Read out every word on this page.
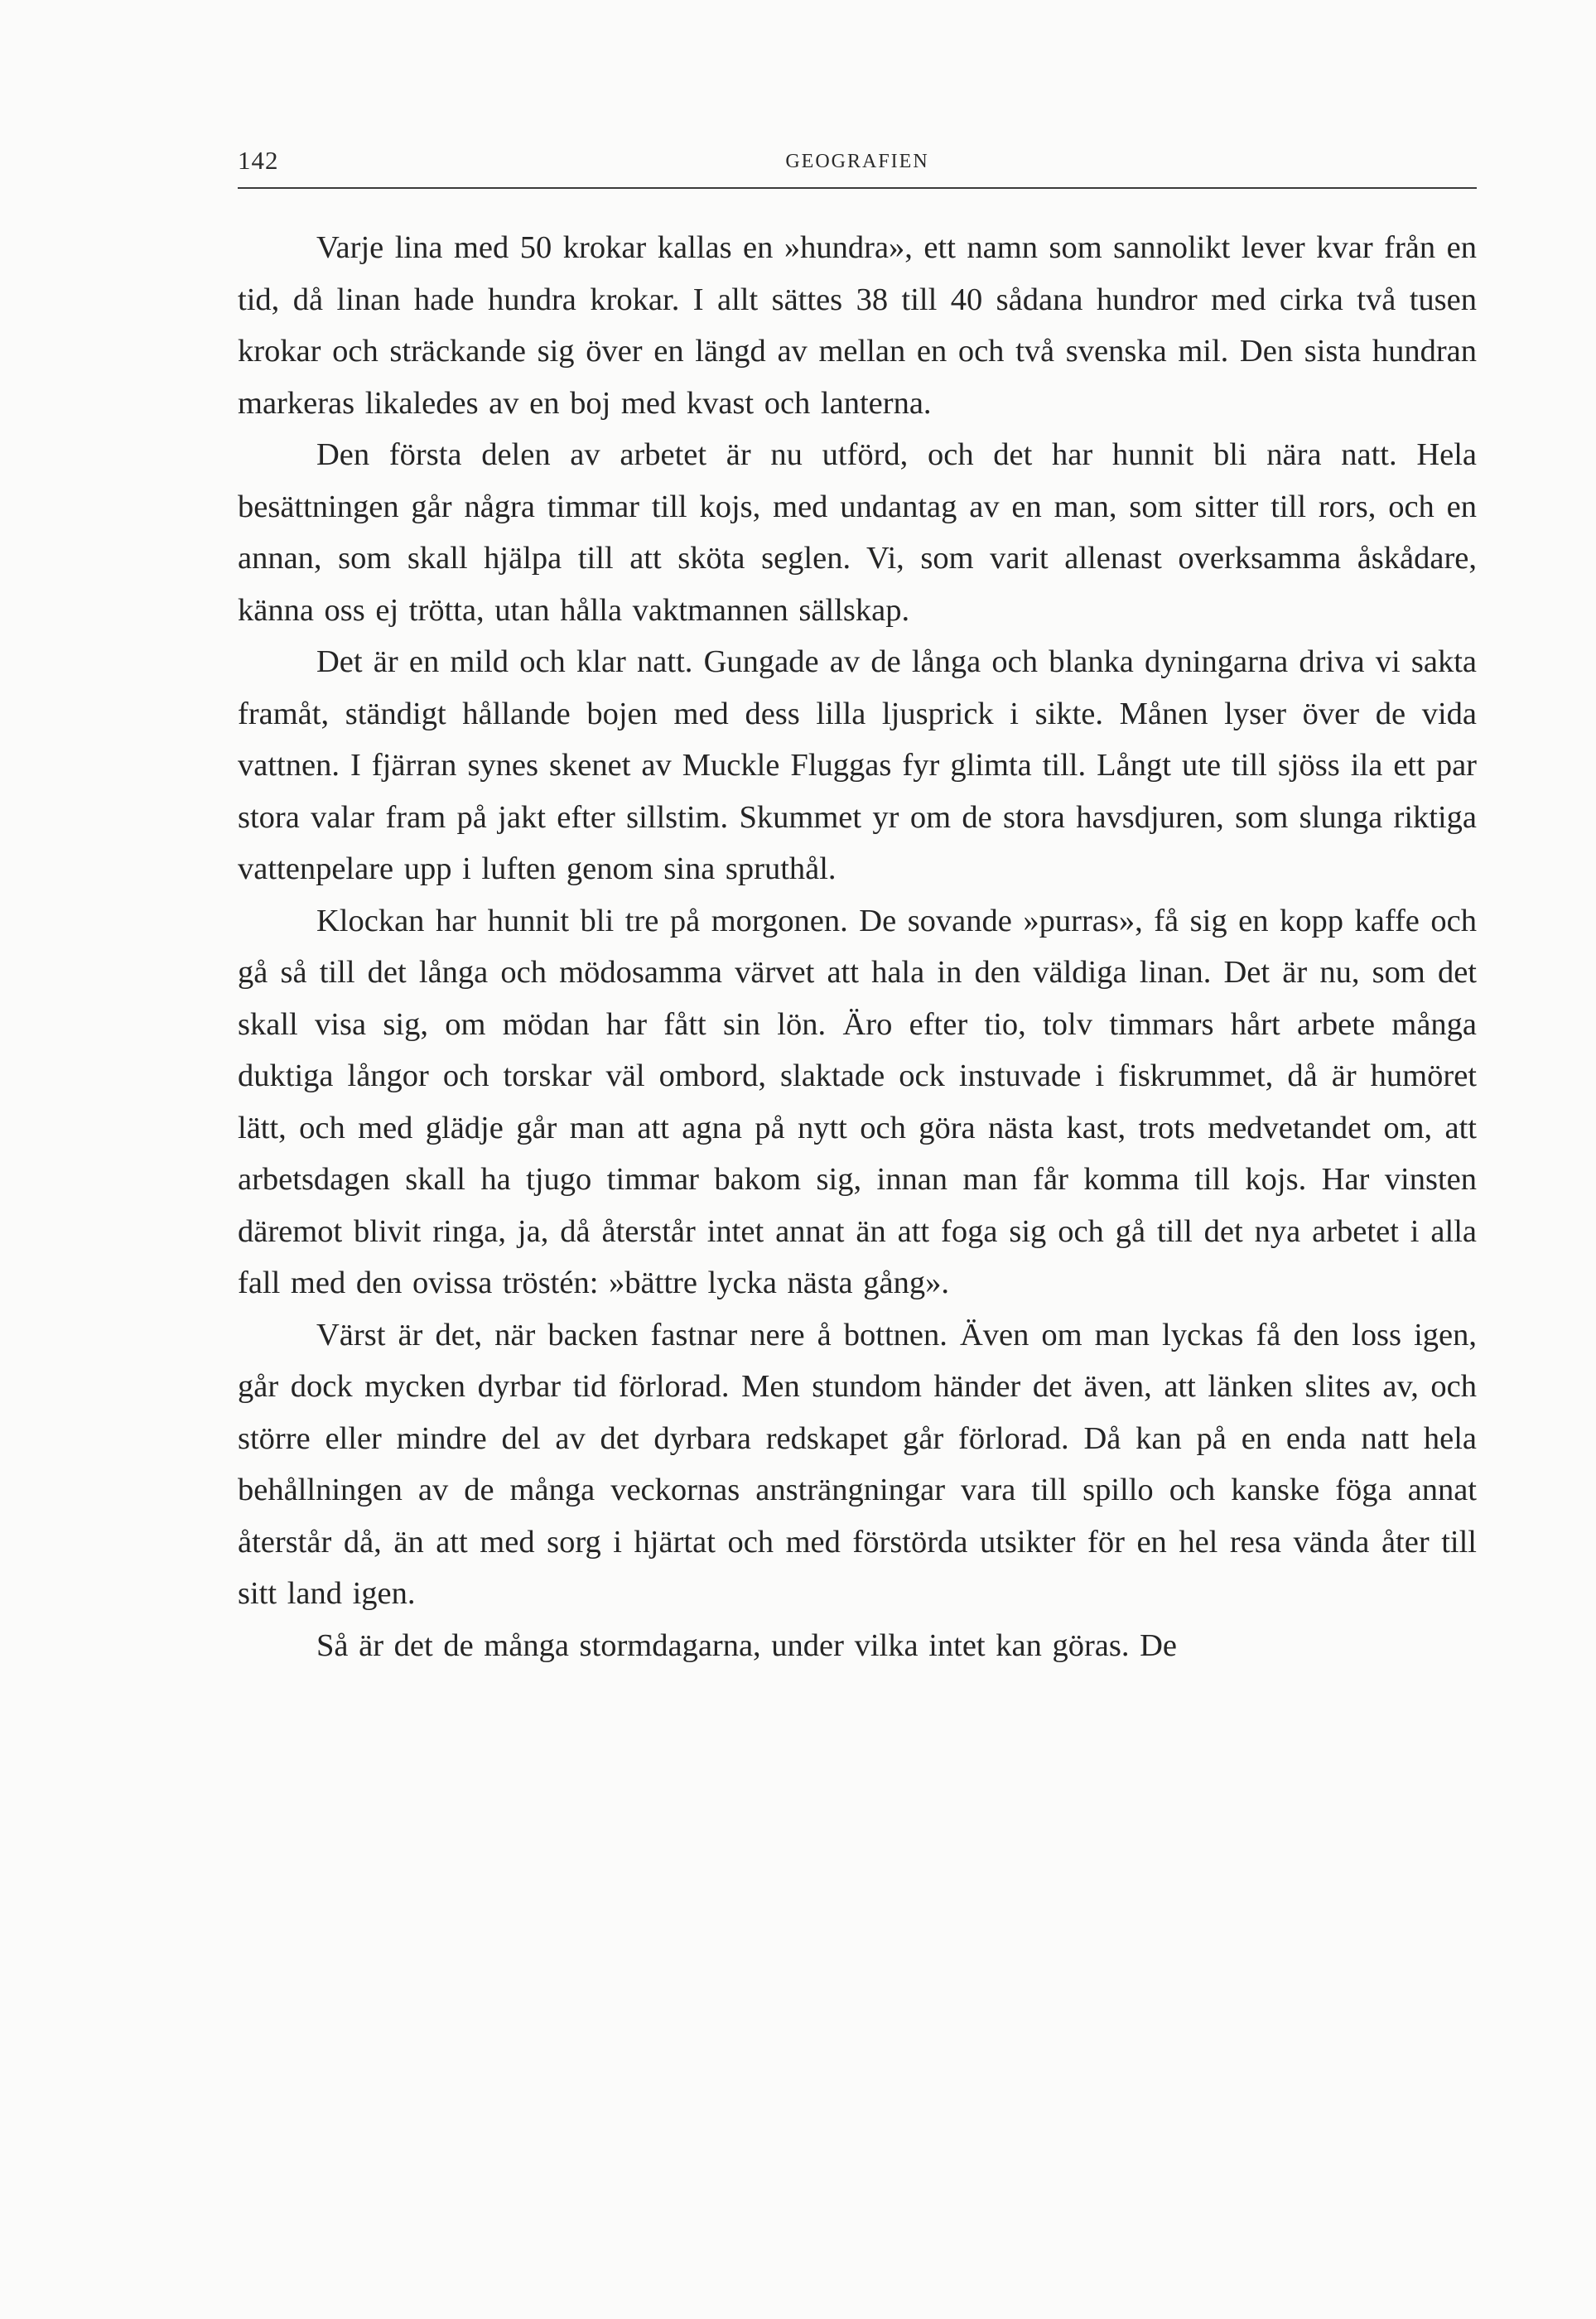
142	GEOGRAFIEN

Varje lina med 50 krokar kallas en »hundra», ett namn som sannolikt lever kvar från en tid, då linan hade hundra krokar. I allt sättes 38 till 40 sådana hundror med cirka två tusen krokar och sträckande sig över en längd av mellan en och två svenska mil. Den sista hundran markeras likaledes av en boj med kvast och lanterna.

Den första delen av arbetet är nu utförd, och det har hunnit bli nära natt. Hela besättningen går några timmar till kojs, med undantag av en man, som sitter till rors, och en annan, som skall hjälpa till att sköta seglen. Vi, som varit allenast overksamma åskådare, känna oss ej trötta, utan hålla vaktmannen sällskap.

Det är en mild och klar natt. Gungade av de långa och blanka dyningarna driva vi sakta framåt, ständigt hållande bojen med dess lilla ljusprick i sikte. Månen lyser över de vida vattnen. I fjärran synes skenet av Muckle Fluggas fyr glimta till. Långt ute till sjöss ila ett par stora valar fram på jakt efter sillstim. Skummet yr om de stora havsdjuren, som slunga riktiga vattenpelare upp i luften genom sina spruthål.

Klockan har hunnit bli tre på morgonen. De sovande »purras», få sig en kopp kaffe och gå så till det långa och mödosamma värvet att hala in den väldiga linan. Det är nu, som det skall visa sig, om mödan har fått sin lön. Äro efter tio, tolv timmars hårt arbete många duktiga långor och torskar väl ombord, slaktade ock instuvade i fiskrummet, då är humöret lätt, och med glädje går man att agna på nytt och göra nästa kast, trots medvetandet om, att arbetsdagen skall ha tjugo timmar bakom sig, innan man får komma till kojs. Har vinsten däremot blivit ringa, ja, då återstår intet annat än att foga sig och gå till det nya arbetet i alla fall med den ovissa tröstén: »bättre lycka nästa gång».

Värst är det, när backen fastnar nere å bottnen. Även om man lyckas få den loss igen, går dock mycken dyrbar tid förlorad. Men stundom händer det även, att länken slites av, och större eller mindre del av det dyrbara redskapet går förlorad. Då kan på en enda natt hela behållningen av de många veckornas ansträngningar vara till spillo och kanske föga annat återstår då, än att med sorg i hjärtat och med förstörda utsikter för en hel resa vända åter till sitt land igen.

Så är det de många stormdagarna, under vilka intet kan göras. De
